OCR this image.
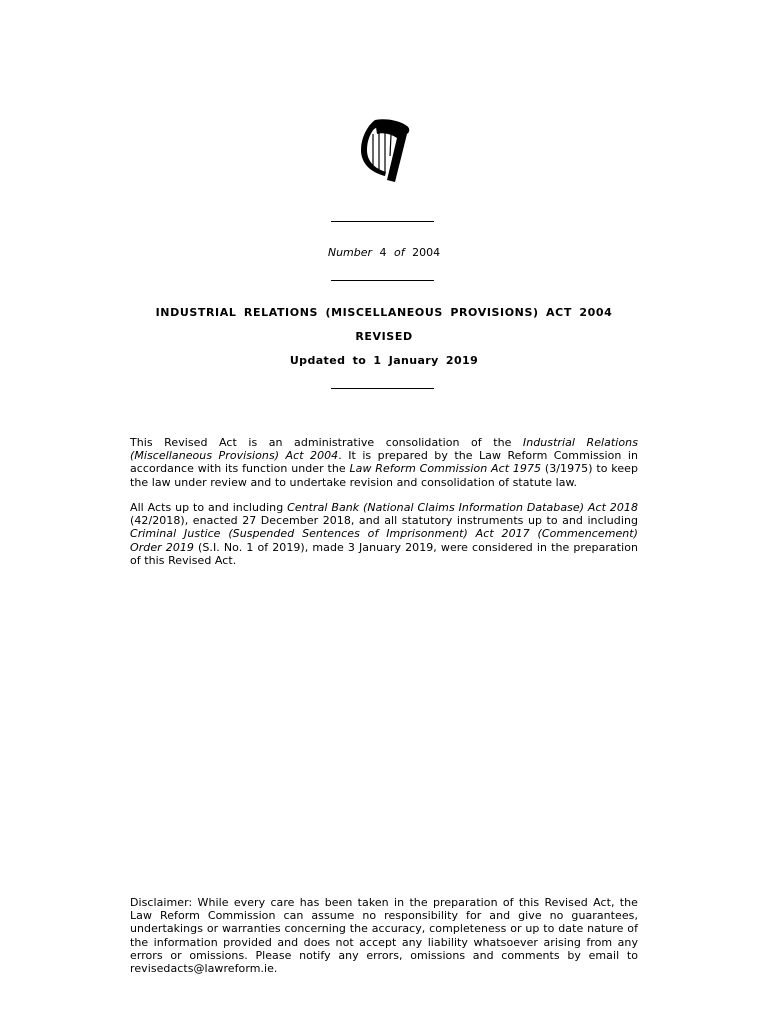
Number 4 of 2004
INDUSTRIAL RELATIONS (MISCELLANEOUS PROVISIONS) ACT 2004
REVISED
Updated to 1 January 2019
This Revised Act is an administrative consolidation of the Industrial Relations (Miscellaneous Provisions) Act 2004. It is prepared by the Law Reform Commission in accordance with its function under the Law Reform Commission Act 1975 (3/1975) to keep the law under review and to undertake revision and consolidation of statute law.
All Acts up to and including Central Bank (National Claims Information Database) Act 2018 (42/2018), enacted 27 December 2018, and all statutory instruments up to and including Criminal Justice (Suspended Sentences of Imprisonment) Act 2017 (Commencement) Order 2019 (S.I. No. 1 of 2019), made 3 January 2019, were considered in the preparation of this Revised Act.
Disclaimer: While every care has been taken in the preparation of this Revised Act, the Law Reform Commission can assume no responsibility for and give no guarantees, undertakings or warranties concerning the accuracy, completeness or up to date nature of the information provided and does not accept any liability whatsoever arising from any errors or omissions. Please notify any errors, omissions and comments by email to revisedacts@lawreform.ie.
